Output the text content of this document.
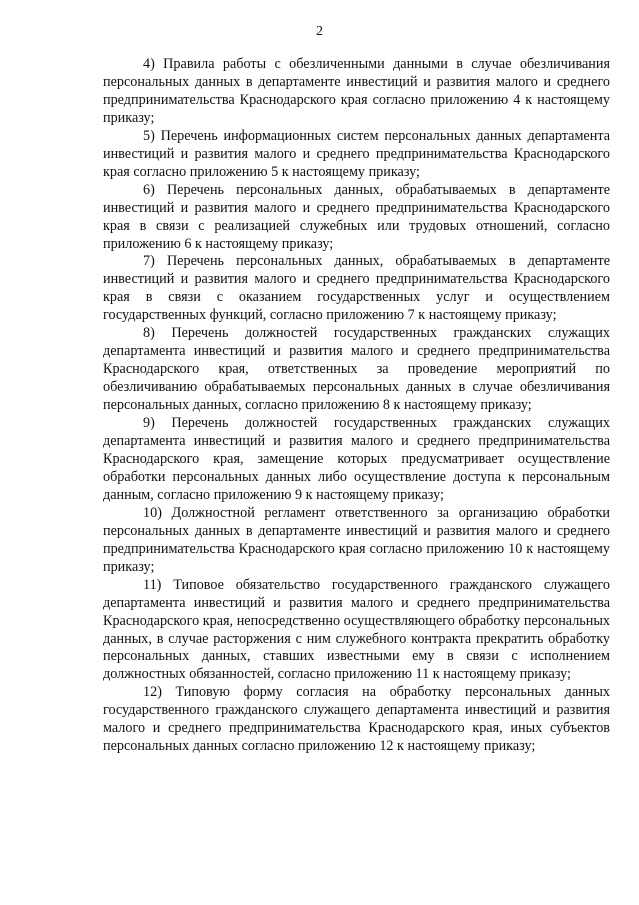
2

4) Правила работы с обезличенными данными в случае обезличивания персональных данных в департаменте инвестиций и развития малого и среднего предпринимательства Краснодарского края согласно приложению 4 к настоящему приказу;

5) Перечень информационных систем персональных данных департамента инвестиций и развития малого и среднего предпринимательства Краснодарского края согласно приложению 5 к настоящему приказу;

6) Перечень персональных данных, обрабатываемых в департаменте инвестиций и развития малого и среднего предпринимательства Краснодарского края в связи с реализацией служебных или трудовых отношений, согласно приложению 6 к настоящему приказу;

7) Перечень персональных данных, обрабатываемых в департаменте инвестиций и развития малого и среднего предпринимательства Краснодарского края в связи с оказанием государственных услуг и осуществлением государственных функций, согласно приложению 7 к настоящему приказу;

8) Перечень должностей государственных гражданских служащих департамента инвестиций и развития малого и среднего предпринимательства Краснодарского края, ответственных за проведение мероприятий по обезличиванию обрабатываемых персональных данных в случае обезличивания персональных данных, согласно приложению 8 к настоящему приказу;

9) Перечень должностей государственных гражданских служащих департамента инвестиций и развития малого и среднего предпринимательства Краснодарского края, замещение которых предусматривает осуществление обработки персональных данных либо осуществление доступа к персональным данным, согласно приложению 9 к настоящему приказу;

10) Должностной регламент ответственного за организацию обработки персональных данных в департаменте инвестиций и развития малого и среднего предпринимательства Краснодарского края согласно приложению 10 к настоящему приказу;

11) Типовое обязательство государственного гражданского служащего департамента инвестиций и развития малого и среднего предпринимательства Краснодарского края, непосредственно осуществляющего обработку персональных данных, в случае расторжения с ним служебного контракта прекратить обработку персональных данных, ставших известными ему в связи с исполнением должностных обязанностей, согласно приложению 11 к настоящему приказу;

12) Типовую форму согласия на обработку персональных данных государственного гражданского служащего департамента инвестиций и развития малого и среднего предпринимательства Краснодарского края, иных субъектов персональных данных согласно приложению 12 к настоящему приказу;
